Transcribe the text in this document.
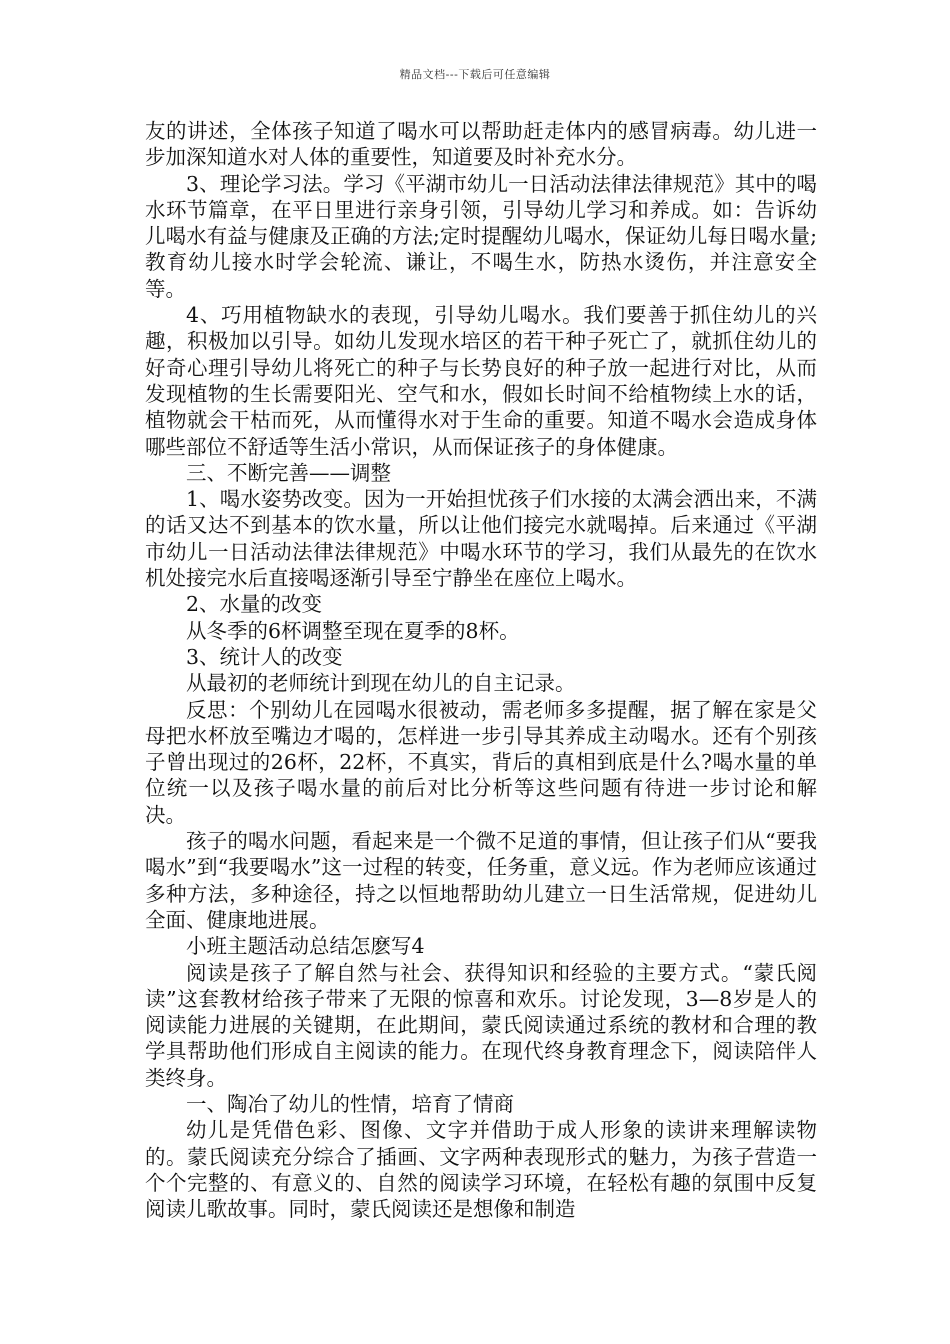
精品文档---下载后可任意编辑

友的讲述，全体孩子知道了喝水可以帮助赶走体内的感冒病毒。幼儿进一步加深知道水对人体的重要性，知道要及时补充水分。

3、理论学习法。学习《平湖市幼儿一日活动法律法律规范》其中的喝水环节篇章，在平日里进行亲身引领，引导幼儿学习和养成。如：告诉幼儿喝水有益与健康及正确的方法;定时提醒幼儿喝水，保证幼儿每日喝水量;教育幼儿接水时学会轮流、谦让，不喝生水，防热水烫伤，并注意安全等。

4、巧用植物缺水的表现，引导幼儿喝水。我们要善于抓住幼儿的兴趣，积极加以引导。如幼儿发现水培区的若干种子死亡了，就抓住幼儿的好奇心理引导幼儿将死亡的种子与长势良好的种子放一起进行对比，从而发现植物的生长需要阳光、空气和水，假如长时间不给植物续上水的话，植物就会干枯而死，从而懂得水对于生命的重要。知道不喝水会造成身体哪些部位不舒适等生活小常识，从而保证孩子的身体健康。

三、不断完善——调整

1、喝水姿势改变。因为一开始担忧孩子们水接的太满会洒出来，不满的话又达不到基本的饮水量，所以让他们接完水就喝掉。后来通过《平湖市幼儿一日活动法律法律规范》中喝水环节的学习，我们从最先的在饮水机处接完水后直接喝逐渐引导至宁静坐在座位上喝水。

2、水量的改变

从冬季的6杯调整至现在夏季的8杯。

3、统计人的改变

从最初的老师统计到现在幼儿的自主记录。

反思：个别幼儿在园喝水很被动，需老师多多提醒，据了解在家是父母把水杯放至嘴边才喝的，怎样进一步引导其养成主动喝水。还有个别孩子曾出现过的26杯，22杯，不真实，背后的真相到底是什么?喝水量的单位统一以及孩子喝水量的前后对比分析等这些问题有待进一步讨论和解决。

孩子的喝水问题，看起来是一个微不足道的事情，但让孩子们从“要我喝水”到“我要喝水”这一过程的转变，任务重，意义远。作为老师应该通过多种方法，多种途径，持之以恒地帮助幼儿建立一日生活常规，促进幼儿全面、健康地进展。

小班主题活动总结怎麽写4

阅读是孩子了解自然与社会、获得知识和经验的主要方式。“蒙氏阅读”这套教材给孩子带来了无限的惊喜和欢乐。讨论发现，3—8岁是人的阅读能力进展的关键期，在此期间，蒙氏阅读通过系统的教材和合理的教学具帮助他们形成自主阅读的能力。在现代终身教育理念下，阅读陪伴人类终身。

一、陶冶了幼儿的性情，培育了情商

幼儿是凭借色彩、图像、文字并借助于成人形象的读讲来理解读物的。蒙氏阅读充分综合了插画、文字两种表现形式的魅力，为孩子营造一个个完整的、有意义的、自然的阅读学习环境，在轻松有趣的氛围中反复阅读儿歌故事。同时，蒙氏阅读还是想像和制造
